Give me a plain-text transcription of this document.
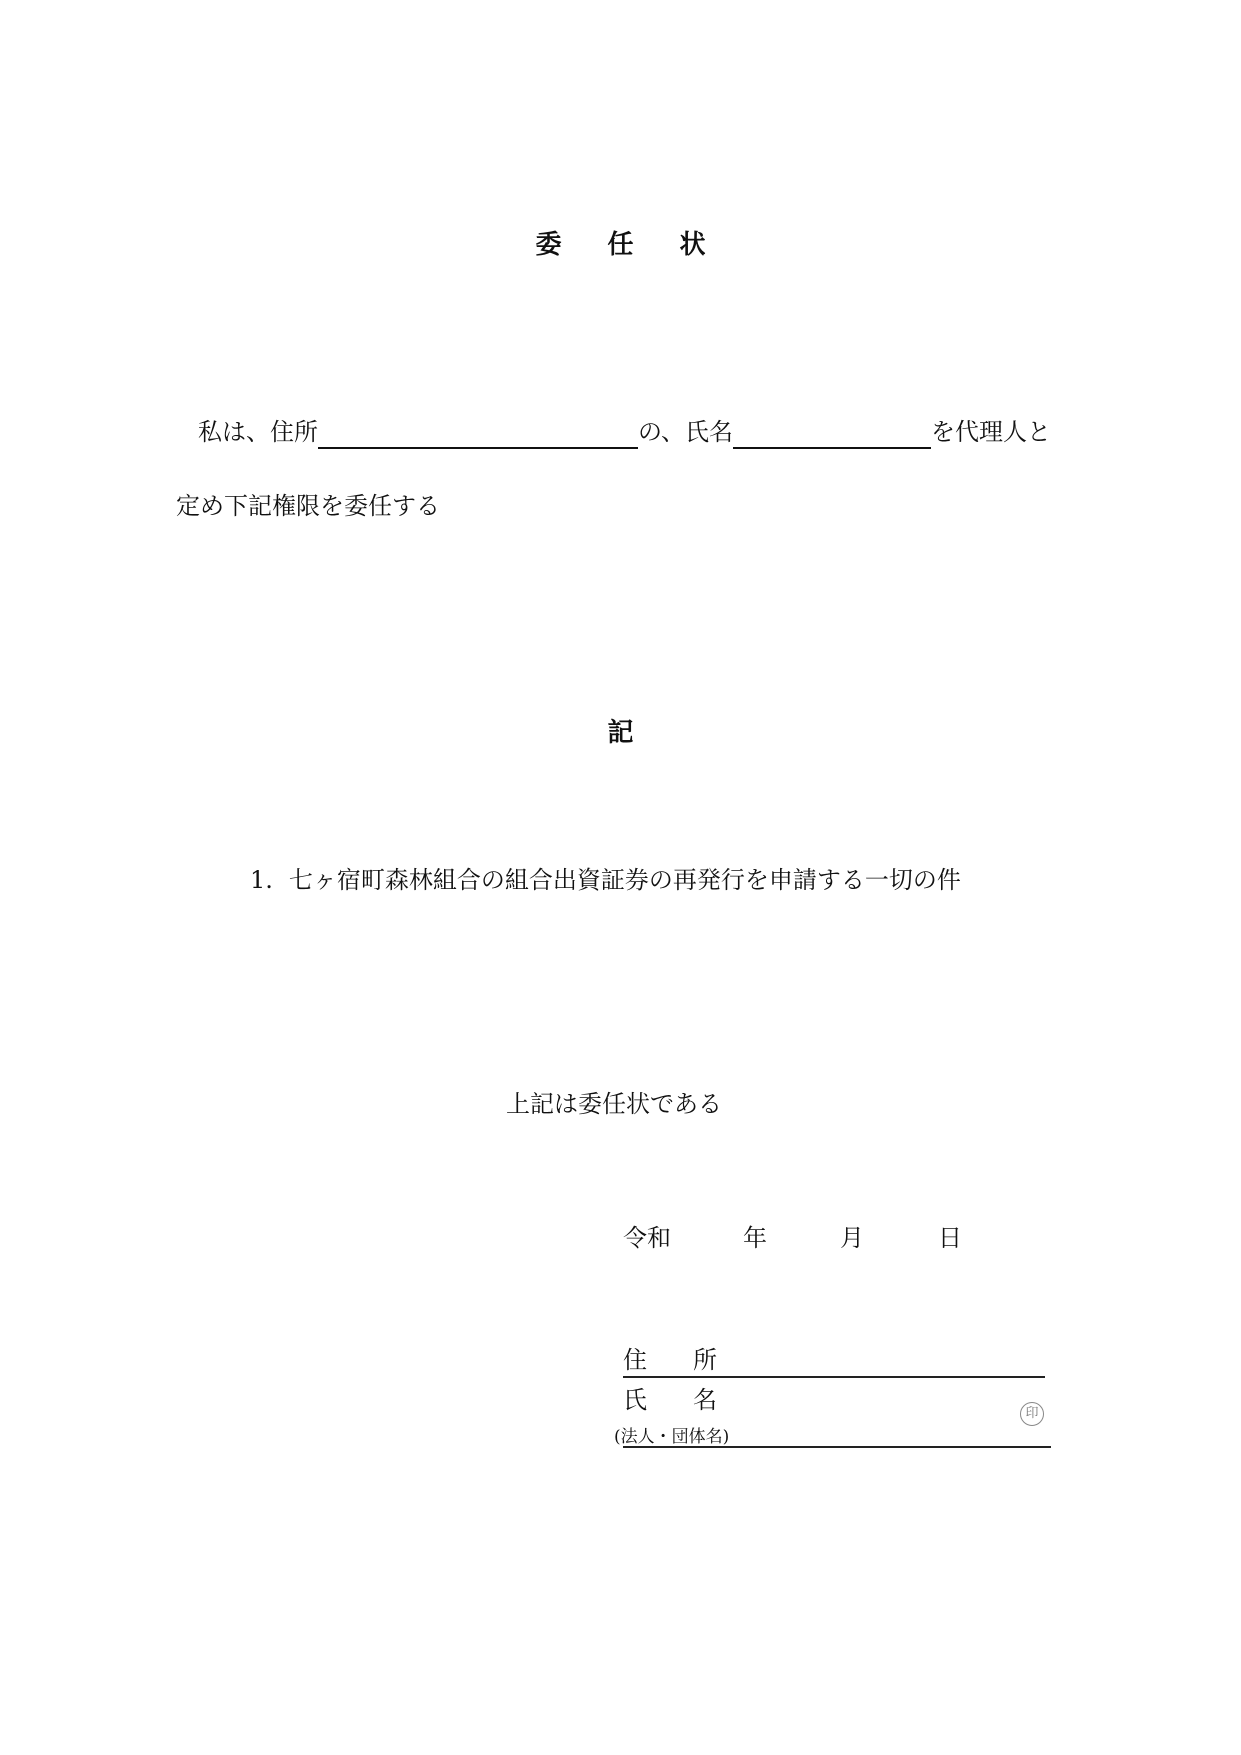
委 任 状
私は、住所	の、氏名	を代理人と
定め下記権限を委任する
記
1. 七ヶ宿町森林組合の組合出資証券の再発行を申請する一切の件
上記は委任状である
令和	年	月	日
住 所
氏 名	印
(法人・団体名)
